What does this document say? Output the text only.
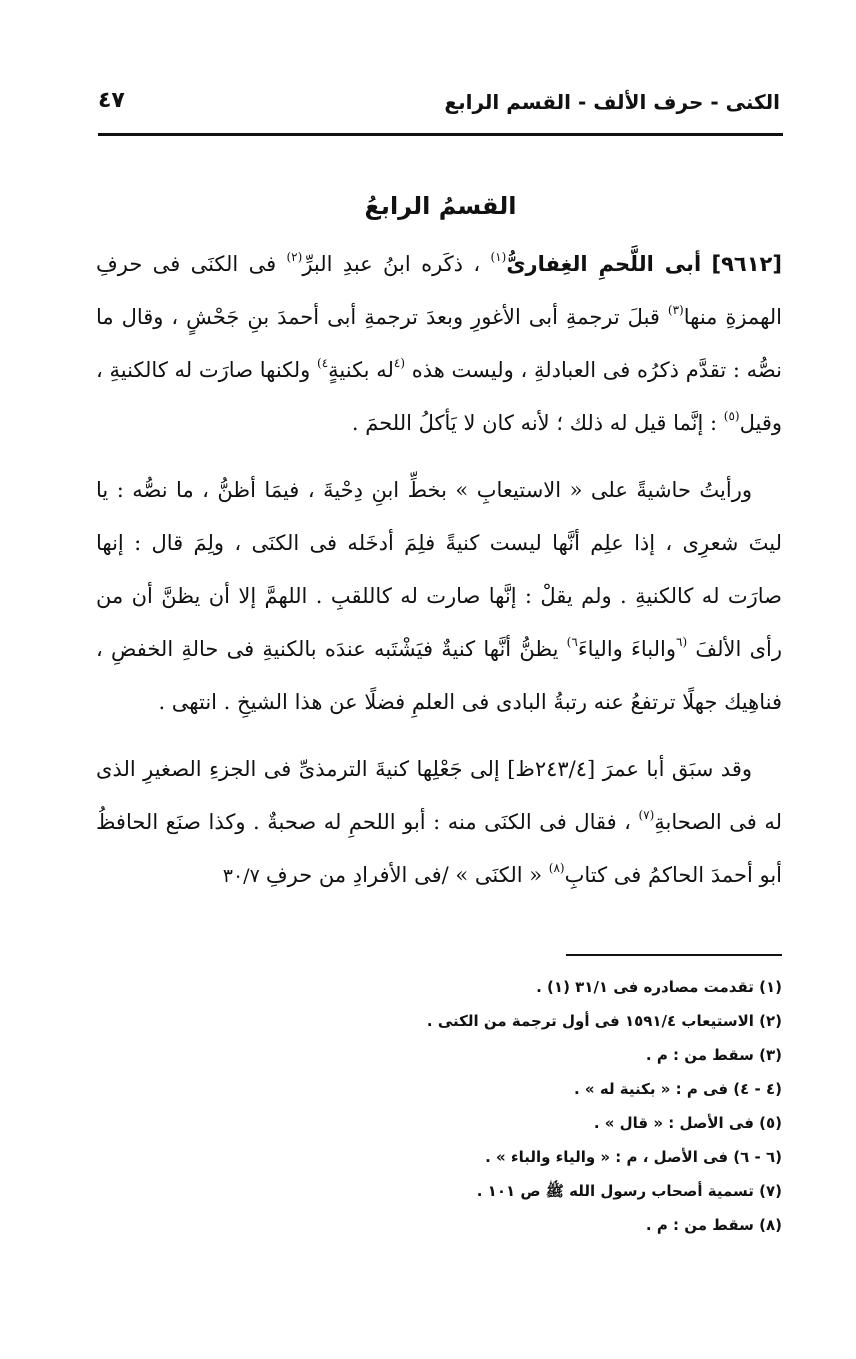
الكنى - حرف الألف - القسم الرابع
٤٧
القسمُ الرابعُ

[٩٦١٢] أبى اللَّحمِ الغِفارىُّ$^{(١)}$ ، ذكَره ابنُ عبدِ البرِّ$^{(٢)}$ فى الكنَى فى حرفِ الهمزةِ منها$^{(٣)}$ قبلَ ترجمةِ أبى الأغورِ وبعدَ ترجمةِ أبى أحمدَ بنِ جَحْشٍ ، وقال ما نصُّه : تقدَّم ذكرُه فى العبادلةِ ، وليست هذه $^{(٤}$له بكنيةٍ$^{٤)}$ ولكنها صارَت له كالكنيةِ ، وقيل$^{(٥)}$ : إنَّما قيل له ذلك ؛ لأنه كان لا يَأكلُ اللحمَ .

ورأيتُ حاشيةً على « الاستيعابِ » بخطِّ ابنِ دِحْيةَ ، فيمَا أظنُّ ، ما نصُّه : يا ليتَ شعرِى ، إذا علِم أنَّها ليست كنيةً فلِمَ أدخَله فى الكنَى ، ولِمَ قال : إنها صارَت له كالكنيةِ . ولم يقلْ : إنَّها صارت له كاللقبِ . اللهمَّ إلا أن يظنَّ أن من رأى الألفَ $^{(٦}$والباءَ والياءَ$^{٦)}$ يظنُّ أنَّها كنيةٌ فيَشْتَبه عندَه بالكنيةِ فى حالةِ الخفضِ ، فناهِيك جهلًا ترتفعُ عنه رتبةُ البادى فى العلمِ فضلًا عن هذا الشيخِ . انتهى .

وقد سبَق أبا عمرَ [٢٤٣/٤ظ] إلى جَعْلِها كنيةَ الترمذىِّ فى الجزءِ الصغيرِ الذى له فى الصحابةِ$^{(٧)}$ ، فقال فى الكنَى منه : أبو اللحمِ له صحبةٌ . وكذا صنَع الحافظُ أبو أحمدَ الحاكمُ فى كتابِ$^{(٨)}$ « الكنَى » /فى الأفرادِ من حرفِ ٣٠/٧

(١) تقدمت مصادره فى ٣١/١ (١) .
(٢) الاستيعاب ١٥٩١/٤ فى أول ترجمة من الكنى .
(٣) سقط من : م .
(٤ - ٤) فى م : « بكنية له » .
(٥) فى الأصل : « قال » .
(٦ - ٦) فى الأصل ، م : « والياء والباء » .
(٧) تسمية أصحاب رسول الله ﷺ ص ١٠١ .
(٨) سقط من : م .
